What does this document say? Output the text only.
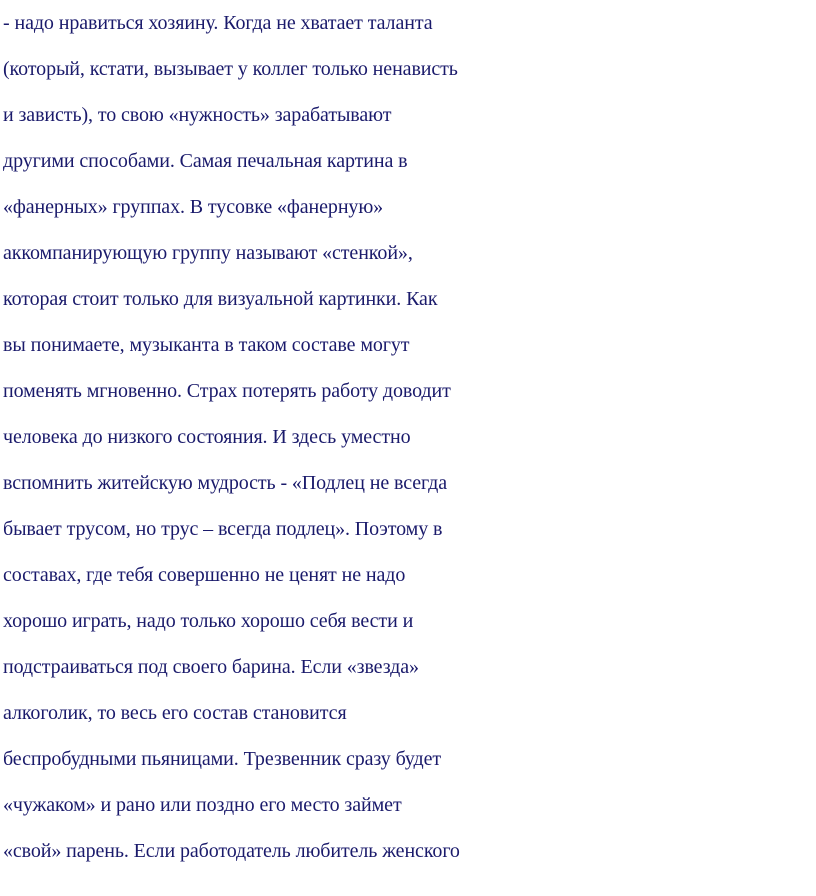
- надо нравиться хозяину. Когда не хватает таланта
(который, кстати, вызывает у коллег только ненависть
и зависть), то свою «нужность» зарабатывают
другими способами. Самая печальная картина в
«фанерных» группах. В тусовке «фанерную»
аккомпанирующую группу называют «стенкой»,
которая стоит только для визуальной картинки. Как
вы понимаете, музыканта в таком составе могут
поменять мгновенно. Страх потерять работу доводит
человека до низкого состояния. И здесь уместно
вспомнить житейскую мудрость - «Подлец не всегда
бывает трусом, но трус – всегда подлец». Поэтому в
составах, где тебя совершенно не ценят не надо
хорошо играть, надо только хорошо себя вести и
подстраиваться под своего барина. Если «звезда»
алкоголик, то весь его состав становится
беспробудными пьяницами. Трезвенник сразу будет
«чужаком» и рано или поздно его место займет
«свой» парень. Если работодатель любитель женского
